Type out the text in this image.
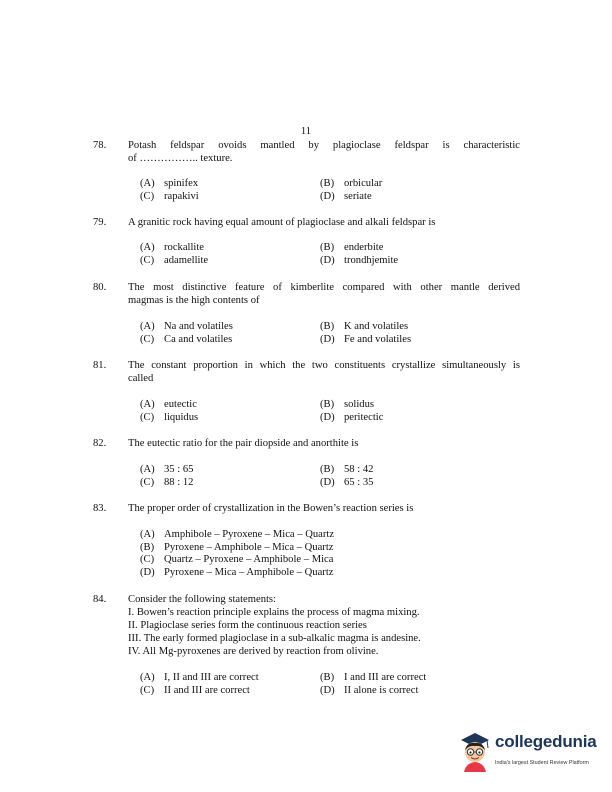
11
78. Potash feldspar ovoids mantled by plagioclase feldspar is characteristic
of …………….. texture.
(A) spinifex	(B) orbicular
(C) rapakivi	(D) seriate
79. A granitic rock having equal amount of plagioclase and alkali feldspar is
(A) rockallite	(B) enderbite
(C) adamellite	(D) trondhjemite
80. The most distinctive feature of kimberlite compared with other mantle derived
magmas is the high contents of
(A) Na and volatiles	(B) K and volatiles
(C) Ca and volatiles	(D) Fe and volatiles
81. The constant proportion in which the two constituents crystallize simultaneously is
called
(A) eutectic	(B) solidus
(C) liquidus	(D) peritectic
82. The eutectic ratio for the pair diopside and anorthite is
(A) 35 : 65	(B) 58 : 42
(C) 88 : 12	(D) 65 : 35
83. The proper order of crystallization in the Bowen’s reaction series is
(A) Amphibole – Pyroxene – Mica – Quartz
(B) Pyroxene – Amphibole – Mica – Quartz
(C) Quartz – Pyroxene – Amphibole – Mica
(D) Pyroxene – Mica – Amphibole – Quartz
84. Consider the following statements:
I. Bowen’s reaction principle explains the process of magma mixing.
II. Plagioclase series form the continuous reaction series
III. The early formed plagioclase in a sub-alkalic magma is andesine.
IV. All Mg-pyroxenes are derived by reaction from olivine.
(A) I, II and III are correct	(B) I and III are correct
(C) II and III are correct	(D) II alone is correct
collegedunia
India's largest Student Review Platform
